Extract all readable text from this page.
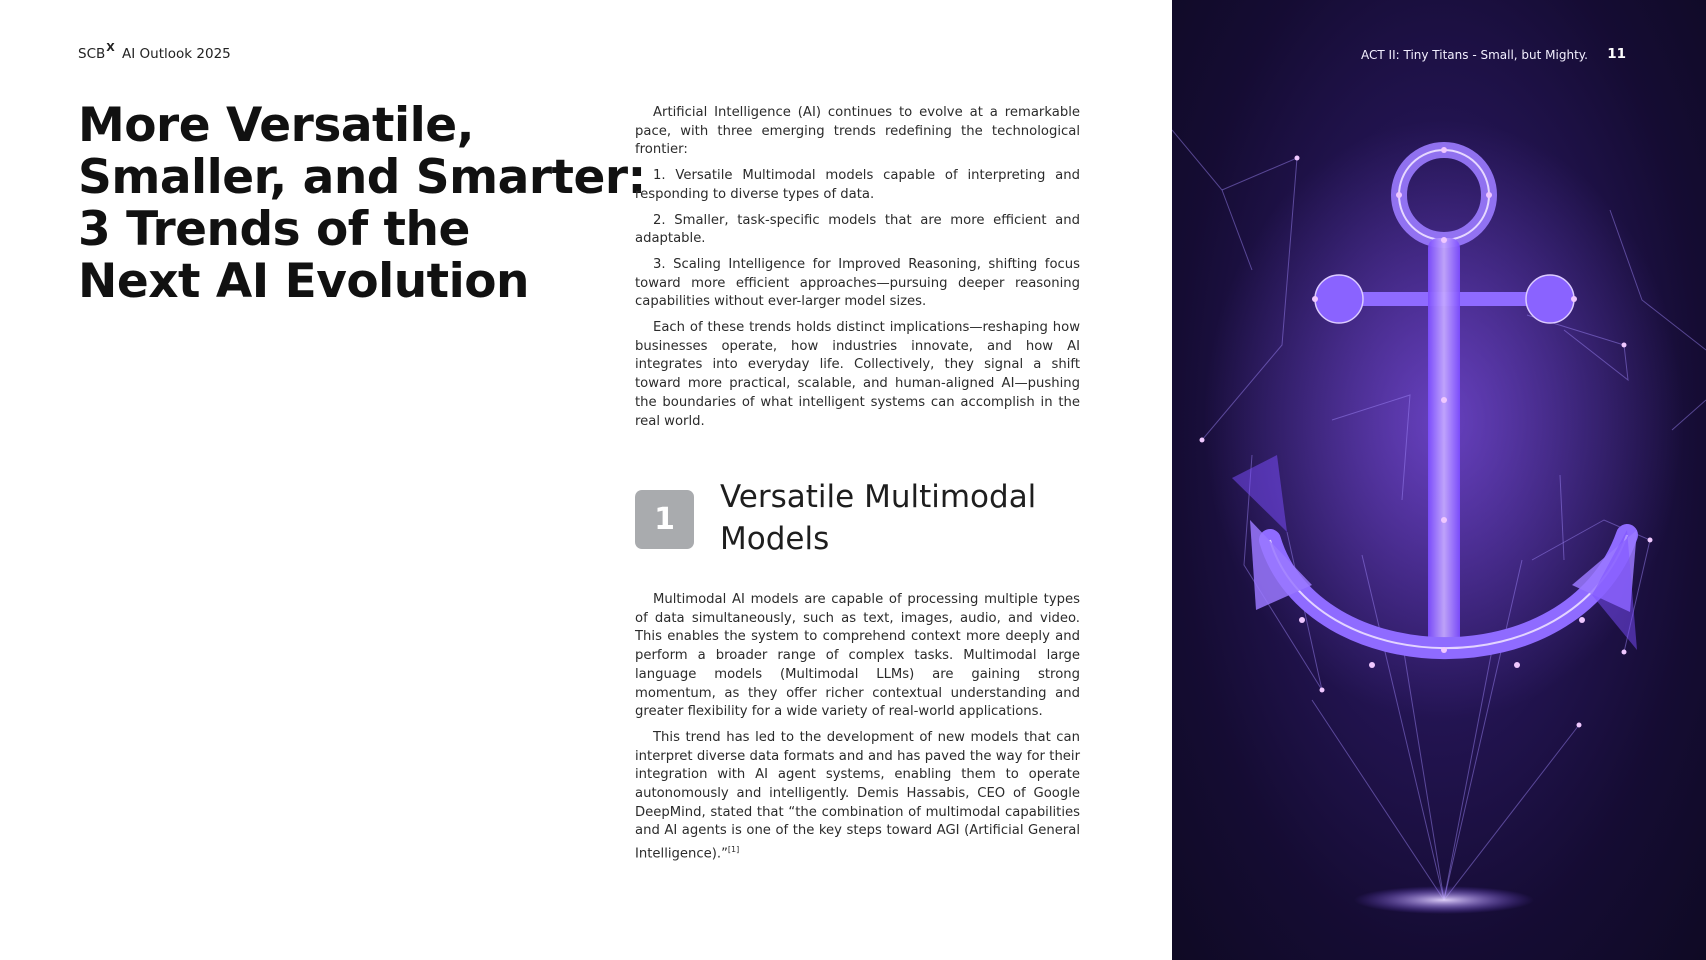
$SCB^X$ AI Outlook 2025
More Versatile,
Smaller, and Smarter:
3 Trends of the
Next AI Evolution

Artificial Intelligence (AI) continues to evolve at a remarkable pace, with three emerging trends redefining the technological frontier:

1. Versatile Multimodal models capable of interpreting and responding to diverse types of data.

2. Smaller, task-specific models that are more efficient and adaptable.

3. Scaling Intelligence for Improved Reasoning, shifting focus toward more efficient approaches—pursuing deeper reasoning capabilities without ever-larger model sizes.

Each of these trends holds distinct implications—reshaping how businesses operate, how industries innovate, and how AI integrates into everyday life. Collectively, they signal a shift toward more practical, scalable, and human-aligned AI—pushing the boundaries of what intelligent systems can accomplish in the real world.

1
Versatile Multimodal
Models

Multimodal AI models are capable of processing multiple types of data simultaneously, such as text, images, audio, and video. This enables the system to comprehend context more deeply and perform a broader range of complex tasks. Multimodal large language models (Multimodal LLMs) are gaining strong momentum, as they offer richer contextual understanding and greater flexibility for a wide variety of real-world applications.

This trend has led to the development of new models that can interpret diverse data formats and and has paved the way for their integration with AI agent systems, enabling them to operate autonomously and intelligently. Demis Hassabis, CEO of Google DeepMind, stated that “the combination of multimodal capabilities and AI agents is one of the key steps toward AGI (Artificial General Intelligence).”[1]

ACT II: Tiny Titans - Small, but Mighty. 11
